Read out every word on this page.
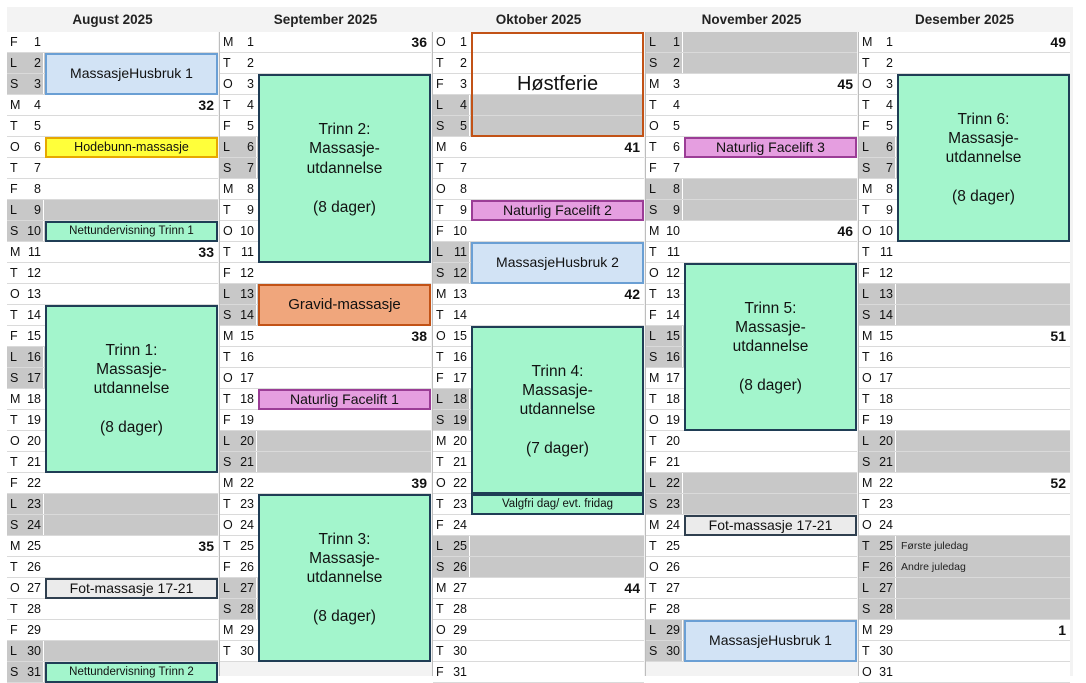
August 2025
F 1
L 2
S 3
M 4	32
T 5
O 6
T 7
F 8
L 9
S 10
M 11	33
T 12
O 13
T 14
F 15
L 16
S 17
M 18
T 19
O 20
T 21
F 22
L 23
S 24
M 25	35
T 26
O 27
T 28
F 29
L 30
S 31
September 2025
M 1	36
T 2
O 3
T 4
F 5
L 6
S 7
M 8
T 9
O 10
T 11
F 12
L 13
S 14
M 15	38
T 16
O 17
T 18
F 19
L 20
S 21
M 22	39
T 23
O 24
T 25
F 26
L 27
S 28
M 29
T 30
Oktober 2025
O 1
T 2
F 3
L 4
S 5
M 6	41
T 7
O 8
T 9
F 10
L 11
S 12
M 13	42
T 14
O 15
T 16
F 17
L 18
S 19
M 20
T 21
O 22
T 23
F 24
L 25
S 26
M 27	44
T 28
O 29
T 30
F 31
November 2025
L 1
S 2
M 3	45
T 4
O 5
T 6
F 7
L 8
S 9
M 10	46
T 11
O 12
T 13
F 14
L 15
S 16
M 17
T 18
O 19
T 20
F 21
L 22
S 23
M 24
T 25
O 26
T 27
F 28
L 29
S 30
Desember 2025
M 1	49
T 2
O 3
T 4
F 5
L 6
S 7
M 8
T 9
O 10
T 11
F 12
L 13
S 14
M 15	51
T 16
O 17
T 18
F 19
L 20
S 21
M 22	52
T 23
O 24
T 25 Første juledag
F 26 Andre juledag
L 27
S 28
M 29	1
T 30
O 31
MassasjeHusbruk 1
Hodebunn-massasje
Nettundervisning Trinn 1
Trinn 1:
Massasje-
utdannelse

(8 dager)
Fot-massasje 17-21
Nettundervisning Trinn 2
Trinn 2:
Massasje-
utdannelse

(8 dager)
Gravid-massasje
Naturlig Facelift 1
Trinn 3:
Massasje-
utdannelse

(8 dager)
Høstferie
Naturlig Facelift 2
MassasjeHusbruk 2
Trinn 4:
Massasje-
utdannelse

(7 dager)
Valgfri dag/ evt. fridag
Naturlig Facelift 3
Trinn 5:
Massasje-
utdannelse

(8 dager)
Fot-massasje 17-21
MassasjeHusbruk 1
Trinn 6:
Massasje-
utdannelse

(8 dager)
